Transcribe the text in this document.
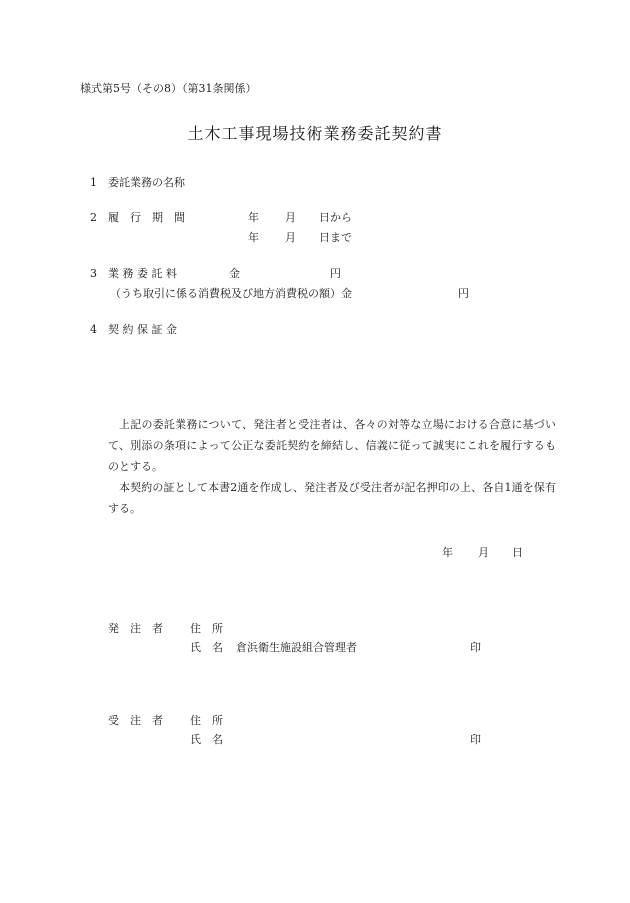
様式第5号（その8）（第31条関係）
土木工事現場技術業務委託契約書
1 委託業務の名称
2 履　行　期　間	年 月 日から
年 月 日まで
3 業 務 委 託 料	金	円
（うち取引に係る消費税及び地方消費税の額）金	円
4 契 約 保 証 金

上記の委託業務について、発注者と受注者は、各々の対等な立場における合意に基づいて、別添の条項によって公正な委託契約を締結し、信義に従って誠実にこれを履行するものとする。

本契約の証として本書2通を作成し、発注者及び受注者が記名押印の上、各自1通を保有する。

年 月 日
発　注　者 住　所
氏　名 倉浜衛生施設組合管理者	印
受　注　者 住　所
氏　名	印
